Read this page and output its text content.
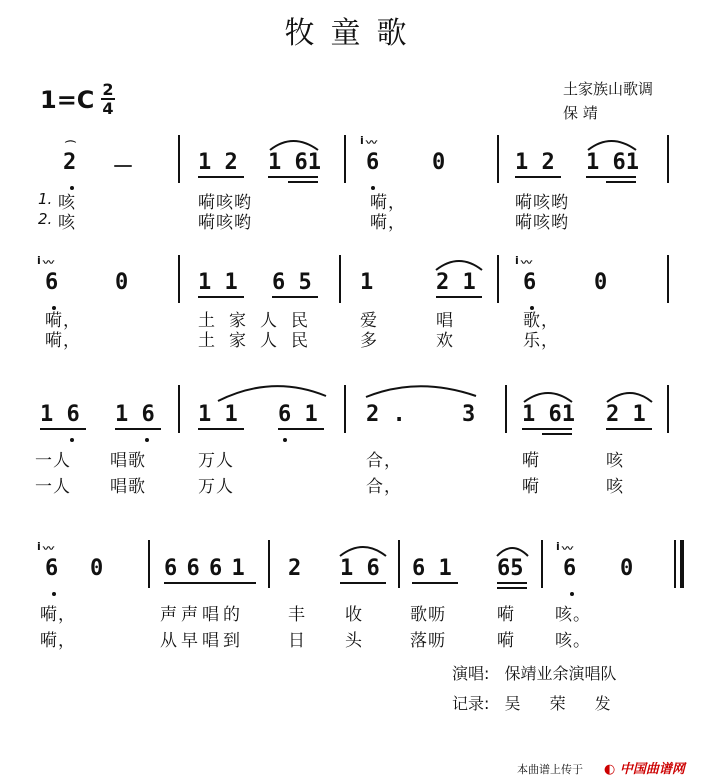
牧童歌
1=C 2
4
土家族山歌调
保 靖
⌒
2 －	1 2 1 61
i 〰
6 0	1 2 1 61
1. 咳	嗬咳哟	嗬，	嗬咳哟
2. 咳	嗬咳哟	嗬，	嗬咳哟
i 〰
6	0	1 1 6 5 1	2 1
i 〰
6	0
嗬，	土家人民 爱	唱	歌，
嗬，	土家人民 多	欢	乐，
1 6 1 6 1 1 6 1 2 .	3 1 61 2 1
一人 唱歌	万人	合，	嗬	咳
一人 唱歌	万人	合，	嗬	咳
i 〰
6 0	6 6 6 1 2 1 6 6 1 65
i 〰
6 0
嗬，	声声唱的	丰 收	歌呖	嗬 咳。
嗬，	从早唱到	日 头	落呖	嗬 咳。
演唱: 保靖业余演唱队
记录: 吴 荣 发
本曲谱上传于 ◐ 中国曲谱网
